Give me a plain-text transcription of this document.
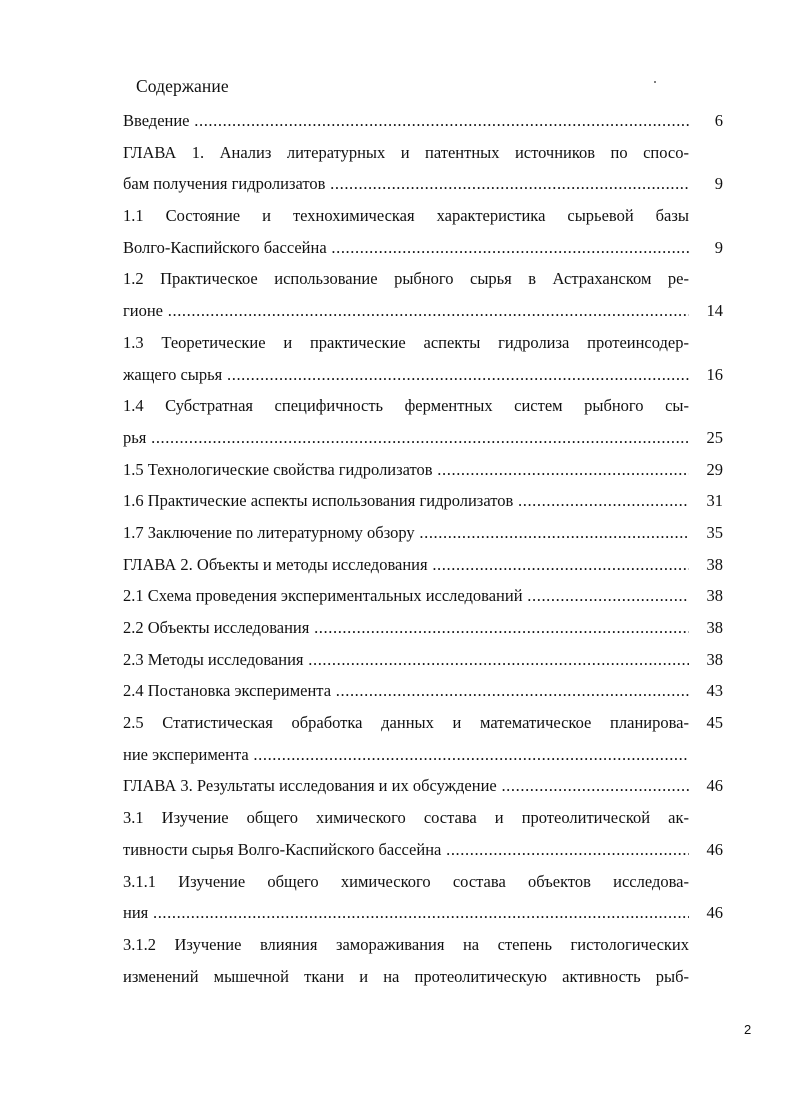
Содержание
Введение .....	6
ГЛАВА 1. Анализ литературных и патентных источников по спосо-
бам получения гидролизатов .....	9
1.1 Состояние и технохимическая характеристика сырьевой базы
Волго-Каспийского бассейна .....	9
1.2 Практическое использование рыбного сырья в Астраханском ре-
гионе .....	14
1.3 Теоретические и практические аспекты гидролиза протеинсодер-
жащего сырья .....	16
1.4 Субстратная специфичность ферментных систем рыбного сы-
рья .....	25
1.5 Технологические свойства гидролизатов .....	29
1.6 Практические аспекты использования гидролизатов .....	31
1.7 Заключение по литературному обзору .....	35
ГЛАВА 2. Объекты и методы исследования .....	38
2.1 Схема проведения экспериментальных исследований .....	38
2.2 Объекты исследования .....	38
2.3 Методы исследования .....	38
2.4 Постановка эксперимента .....	43
2.5 Статистическая обработка данных и математическое планирова-	45
ние эксперимента .....
ГЛАВА 3. Результаты исследования и их обсуждение .....	46
3.1 Изучение общего химического состава и протеолитической ак-
тивности сырья Волго-Каспийского бассейна .....	46
3.1.1 Изучение общего химического состава объектов исследова-
ния .....	46
3.1.2 Изучение влияния замораживания на степень гистологических
изменений мышечной ткани и на протеолитическую активность рыб-
2
